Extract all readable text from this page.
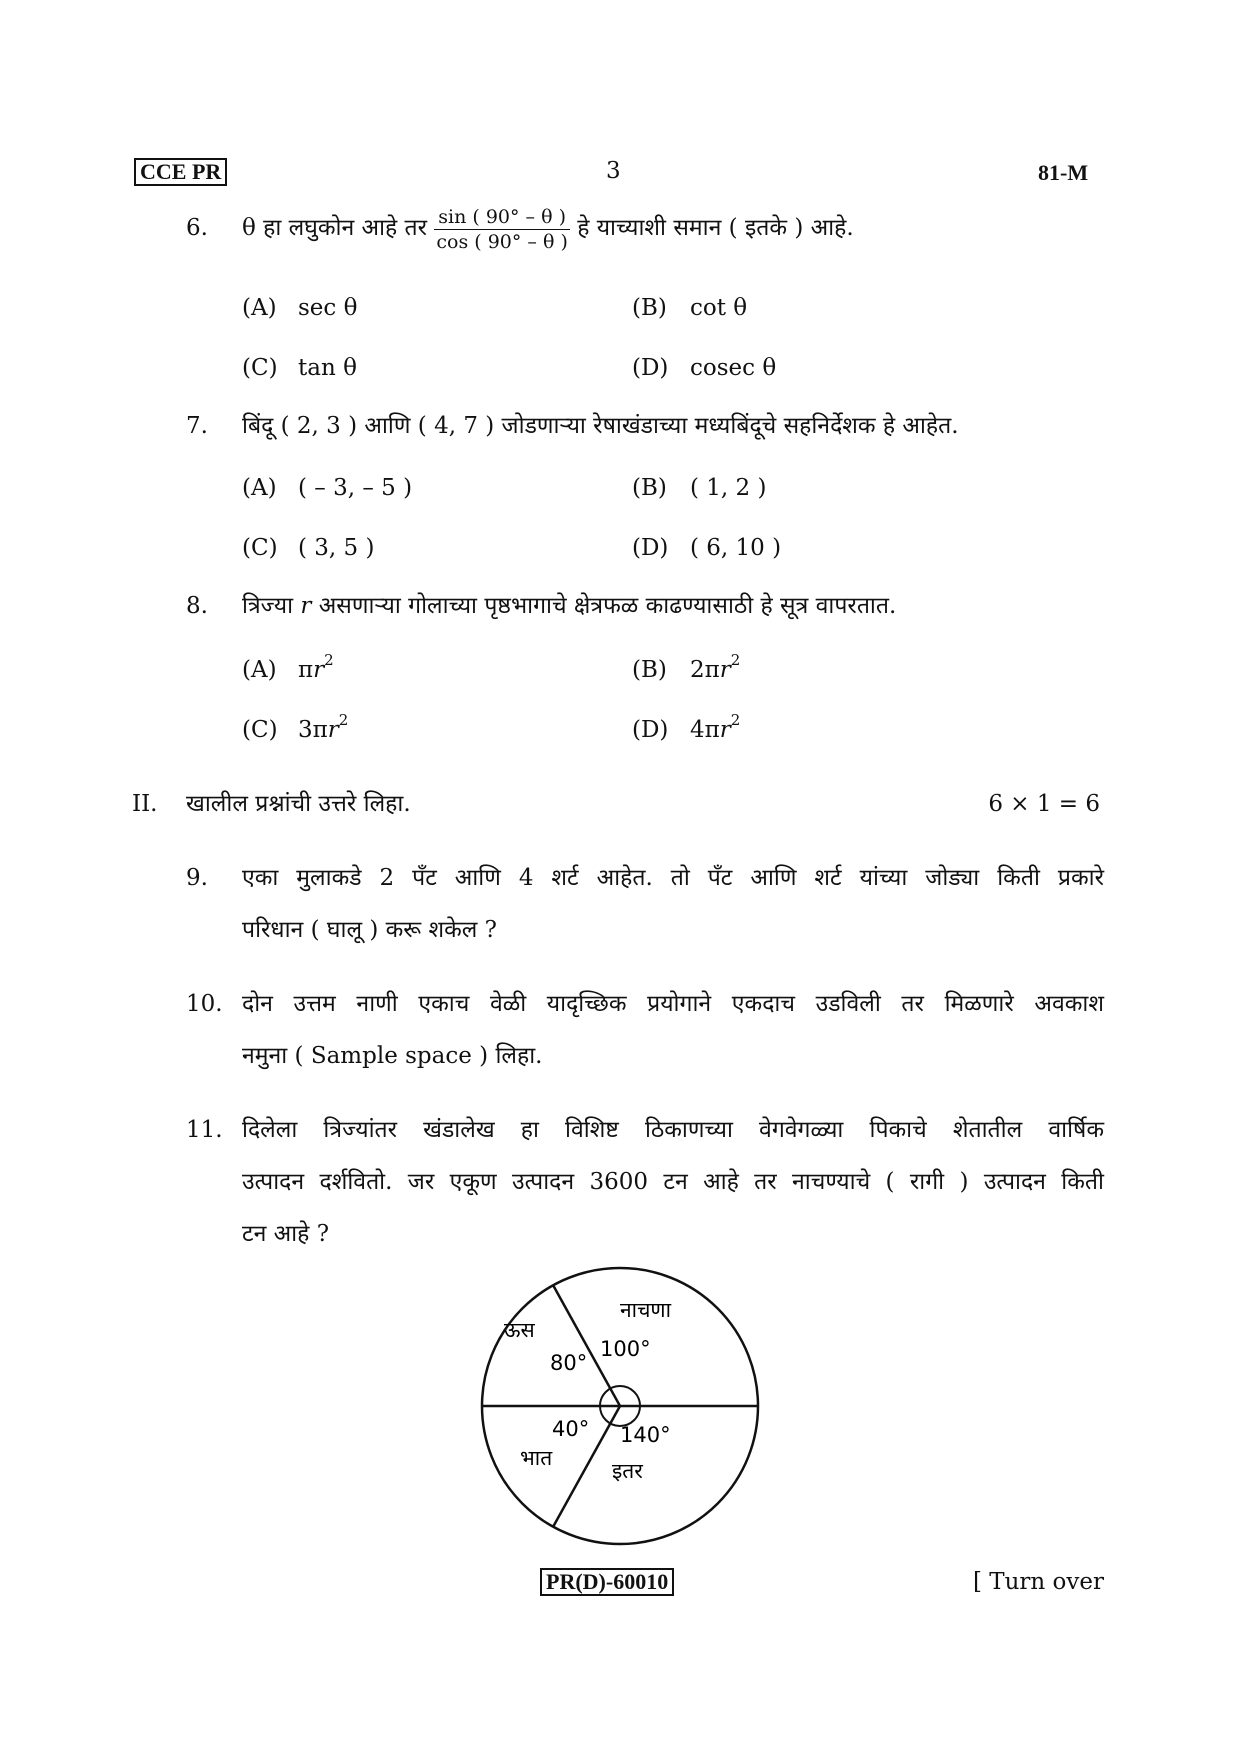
CCE PR	3	81-M
6. θ हा लघुकोन आहे तर $\frac{\sin ( 90^\circ - \theta )}{\cos ( 90^\circ - \theta )}$ हे याच्याशी समान ( इतके ) आहे.
(A) sec θ	(B) cot θ
(C) tan θ	(D) cosec θ
7. बिंदू ( 2, 3 ) आणि ( 4, 7 ) जोडणाऱ्या रेषाखंडाच्या मध्यबिंदूचे सहनिर्देशक हे आहेत.
(A) ( – 3, – 5 )	(B) ( 1, 2 )
(C) ( 3, 5 )	(D) ( 6, 10 )
8. त्रिज्या r असणाऱ्या गोलाच्या पृष्ठभागाचे क्षेत्रफळ काढण्यासाठी हे सूत्र वापरतात.
(A) $\pi r^2$	(B) $2\pi r^2$
(C) $3\pi r^2$	(D) $4\pi r^2$
II. खालील प्रश्नांची उत्तरे लिहा.	6 × 1 = 6
9. एका मुलाकडे 2 पँट आणि 4 शर्ट आहेत. तो पँट आणि शर्ट यांच्या जोड्या किती प्रकारे
परिधान ( घालू ) करू शकेल ?
10. दोन उत्तम नाणी एकाच वेळी यादृच्छिक प्रयोगाने एकदाच उडविली तर मिळणारे अवकाश
नमुना ( Sample space ) लिहा.
11. दिलेला त्रिज्यांतर खंडालेख हा विशिष्ट ठिकाणच्या वेगवेगळ्या पिकाचे शेतातील वार्षिक
उत्पादन दर्शवितो. जर एकूण उत्पादन 3600 टन आहे तर नाचण्याचे ( रागी ) उत्पादन किती
टन आहे ?
नाचणा
100°
ऊस
80°
भात
40°
इतर
140°
PR(D)-60010	[ Turn over
